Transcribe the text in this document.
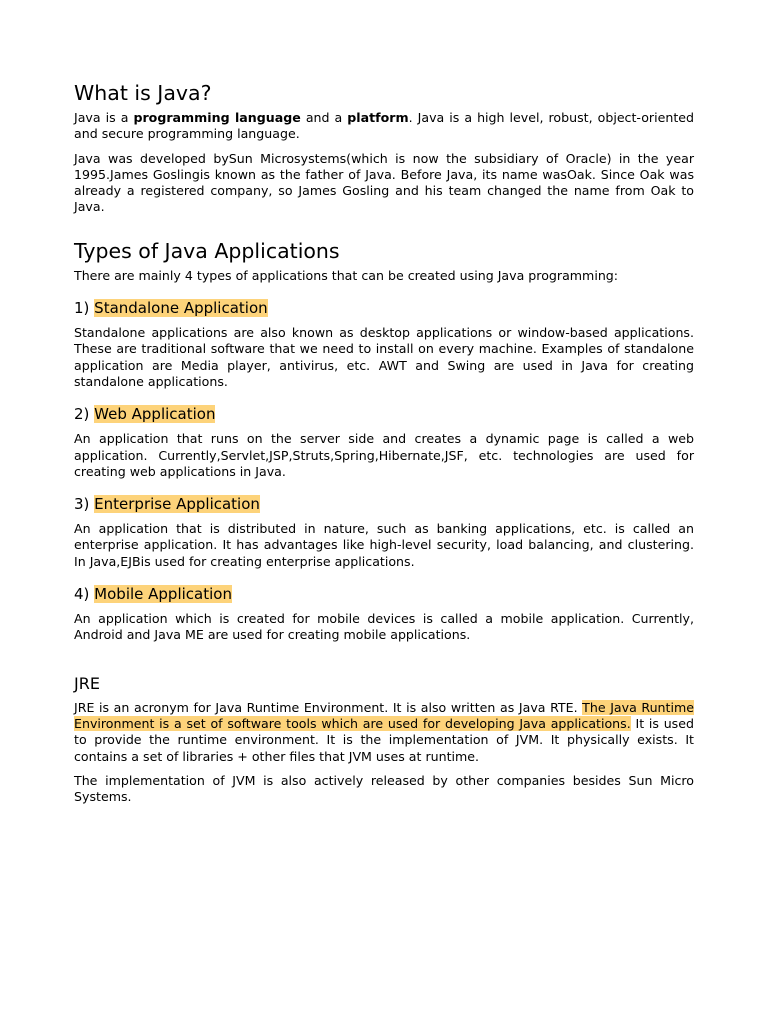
What is Java?

Java is a programming language and a platform. Java is a high level, robust, object-oriented and secure programming language.

Java was developed bySun Microsystems(which is now the subsidiary of Oracle) in the year 1995.James Goslingis known as the father of Java. Before Java, its name wasOak. Since Oak was already a registered company, so James Gosling and his team changed the name from Oak to Java.

Types of Java Applications

There are mainly 4 types of applications that can be created using Java programming:

1) Standalone Application

Standalone applications are also known as desktop applications or window-based applications. These are traditional software that we need to install on every machine. Examples of standalone application are Media player, antivirus, etc. AWT and Swing are used in Java for creating standalone applications.

2) Web Application

An application that runs on the server side and creates a dynamic page is called a web application. Currently,Servlet,JSP,Struts,Spring,Hibernate,JSF, etc. technologies are used for creating web applications in Java.

3) Enterprise Application

An application that is distributed in nature, such as banking applications, etc. is called an enterprise application. It has advantages like high-level security, load balancing, and clustering. In Java,EJBis used for creating enterprise applications.

4) Mobile Application

An application which is created for mobile devices is called a mobile application. Currently, Android and Java ME are used for creating mobile applications.

JRE

JRE is an acronym for Java Runtime Environment. It is also written as Java RTE. The Java Runtime Environment is a set of software tools which are used for developing Java applications. It is used to provide the runtime environment. It is the implementation of JVM. It physically exists. It contains a set of libraries + other files that JVM uses at runtime.

The implementation of JVM is also actively released by other companies besides Sun Micro Systems.
